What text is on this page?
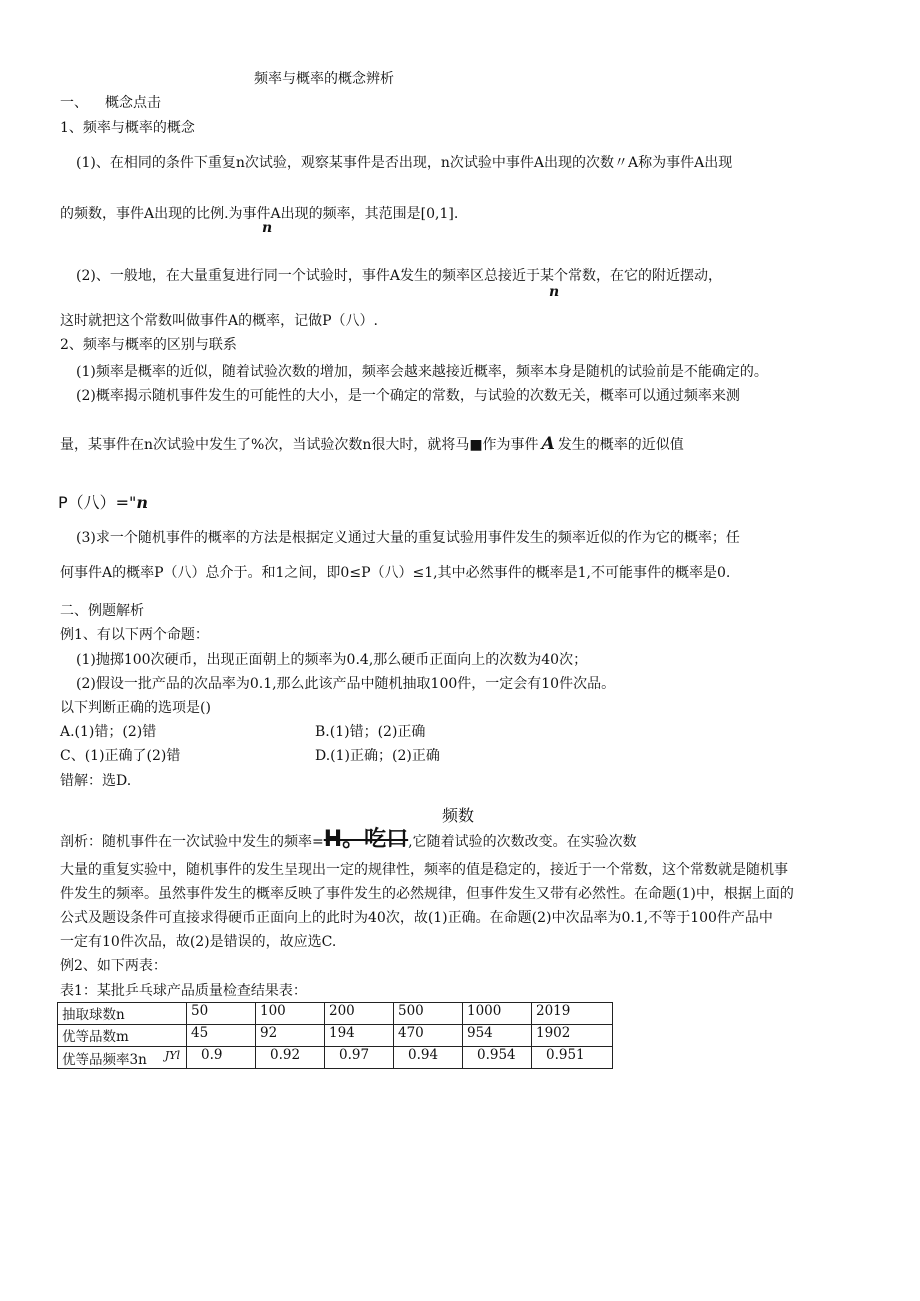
频率与概率的概念辨析
一、 概念点击
1、频率与概率的概念
(1)、在相同的条件下重复n次试验，观察某事件是否出现，n次试验中事件A出现的次数〃A称为事件A出现
的频数，事件A出现的比例.为事件A出现的频率，其范围是[0,1].
n
(2)、一般地，在大量重复进行同一个试验时，事件A发生的频率区总接近于某个常数，在它的附近摆动，
n
这时就把这个常数叫做事件A的概率，记做P（八）.
2、频率与概率的区别与联系
(1)频率是概率的近似，随着试验次数的增加，频率会越来越接近概率，频率本身是随机的试验前是不能确定的。
(2)概率揭示随机事件发生的可能性的大小，是一个确定的常数，与试验的次数无关，概率可以通过频率来测
量，某事件在n次试验中发生了%次，当试验次数n很大时，就将马■作为事件 A 发生的概率的近似值
P（八）="n
(3)求一个随机事件的概率的方法是根据定义通过大量的重复试验用事件发生的频率近似的作为它的概率；任
何事件A的概率P（八）总介于。和1之间，即0≤P（八）≤1,其中必然事件的概率是1,不可能事件的概率是0.
二、例题解析
例1、有以下两个命题：
(1)抛掷100次硬币，出现正面朝上的频率为0.4,那么硬币正面向上的次数为40次；
(2)假设一批产品的次品率为0.1,那么此该产品中随机抽取100件，一定会有10件次品。
以下判断正确的选项是()
A.(1)错；(2)错	B.(1)错；(2)正确
C、(1)正确了(2)错	D.(1)正确；(2)正确
错解：选D.
频数
剖析：随机事件在一次试验中发生的频率=H。吃口,它随着试验的次数改变。在实验次数
大量的重复实验中，随机事件的发生呈现出一定的规律性，频率的值是稳定的，接近于一个常数，这个常数就是随机事
件发生的频率。虽然事件发生的概率反映了事件发生的必然规律，但事件发生又带有必然性。在命题(1)中，根据上面的
公式及题设条件可直接求得硬币正面向上的此时为40次，故(1)正确。在命题(2)中次品率为0.1,不等于100件产品中
一定有10件次品，故(2)是错误的，故应选C.
例2、如下两表：
表1：某批乒乓球产品质量检查结果表：
抽取球数n	50	100	200	500	1000	2019
优等品数m	45	92	194	470	954	1902

JYl
优等品频率3n	0.9	0.92	0.97	0.94	0.954	0.951
